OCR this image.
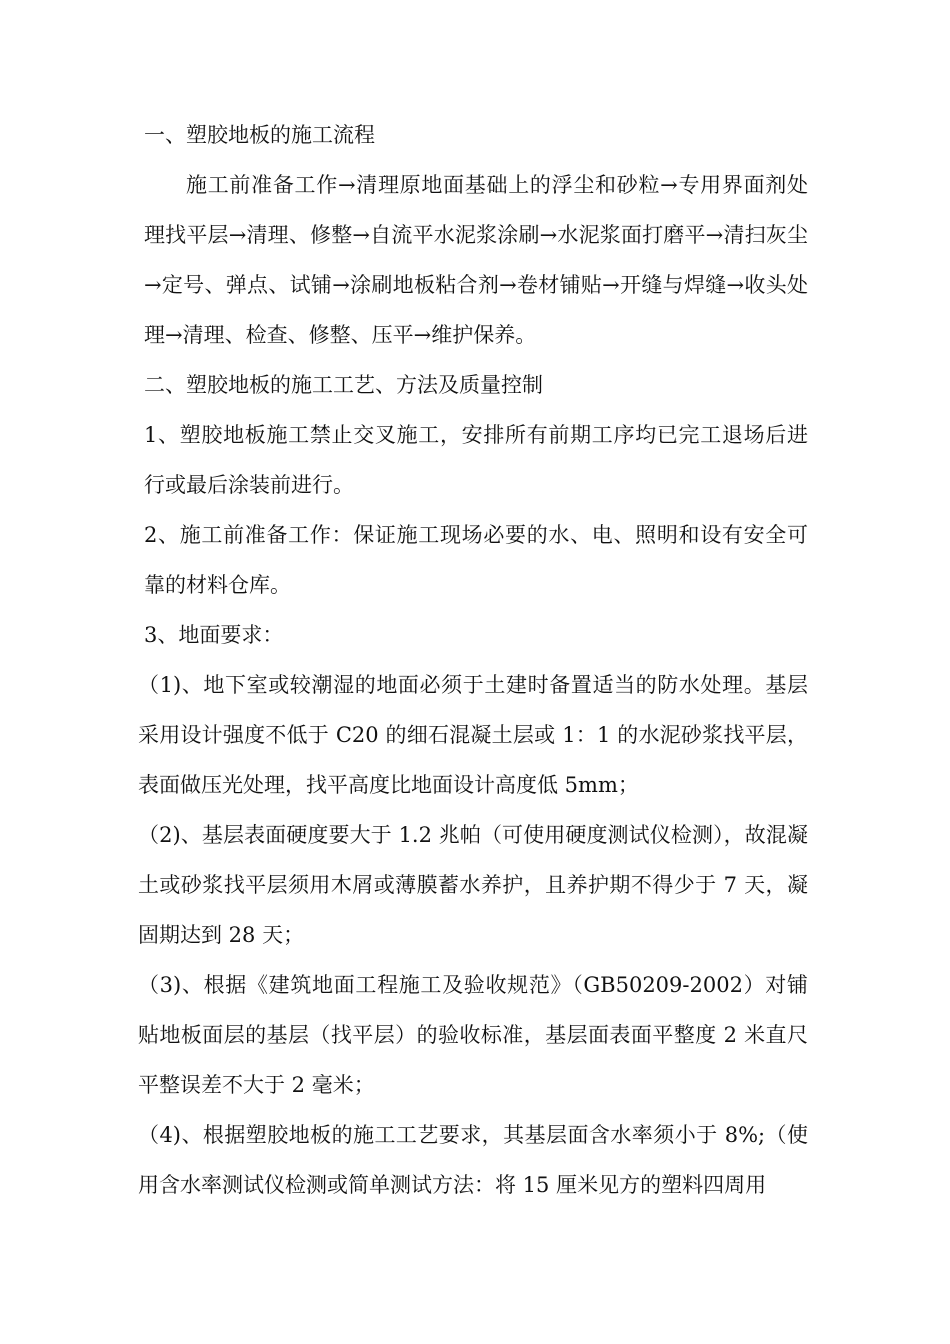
一、塑胶地板的施工流程

施工前准备工作→清理原地面基础上的浮尘和砂粒→专用界面剂处理找平层→清理、修整→自流平水泥浆涂刷→水泥浆面打磨平→清扫灰尘→定号、弹点、试铺→涂刷地板粘合剂→卷材铺贴→开缝与焊缝→收头处理→清理、检查、修整、压平→维护保养。

二、塑胶地板的施工工艺、方法及质量控制

1、塑胶地板施工禁止交叉施工，安排所有前期工序均已完工退场后进行或最后涂装前进行。

2、施工前准备工作：保证施工现场必要的水、电、照明和设有安全可靠的材料仓库。

3、地面要求：

（1)、地下室或较潮湿的地面必须于土建时备置适当的防水处理。基层采用设计强度不低于 C20 的细石混凝土层或 1：1 的水泥砂浆找平层，表面做压光处理，找平高度比地面设计高度低 5mm；

（2)、基层表面硬度要大于 1.2 兆帕（可使用硬度测试仪检测），故混凝土或砂浆找平层须用木屑或薄膜蓄水养护，且养护期不得少于 7 天，凝固期达到 28 天；

（3)、根据《建筑地面工程施工及验收规范》（GB50209-2002）对铺贴地板面层的基层（找平层）的验收标准，基层面表面平整度 2 米直尺平整误差不大于 2 毫米；

（4)、根据塑胶地板的施工工艺要求，其基层面含水率须小于 8%;（使用含水率测试仪检测或简单测试方法：将 15 厘米见方的塑料四周用
